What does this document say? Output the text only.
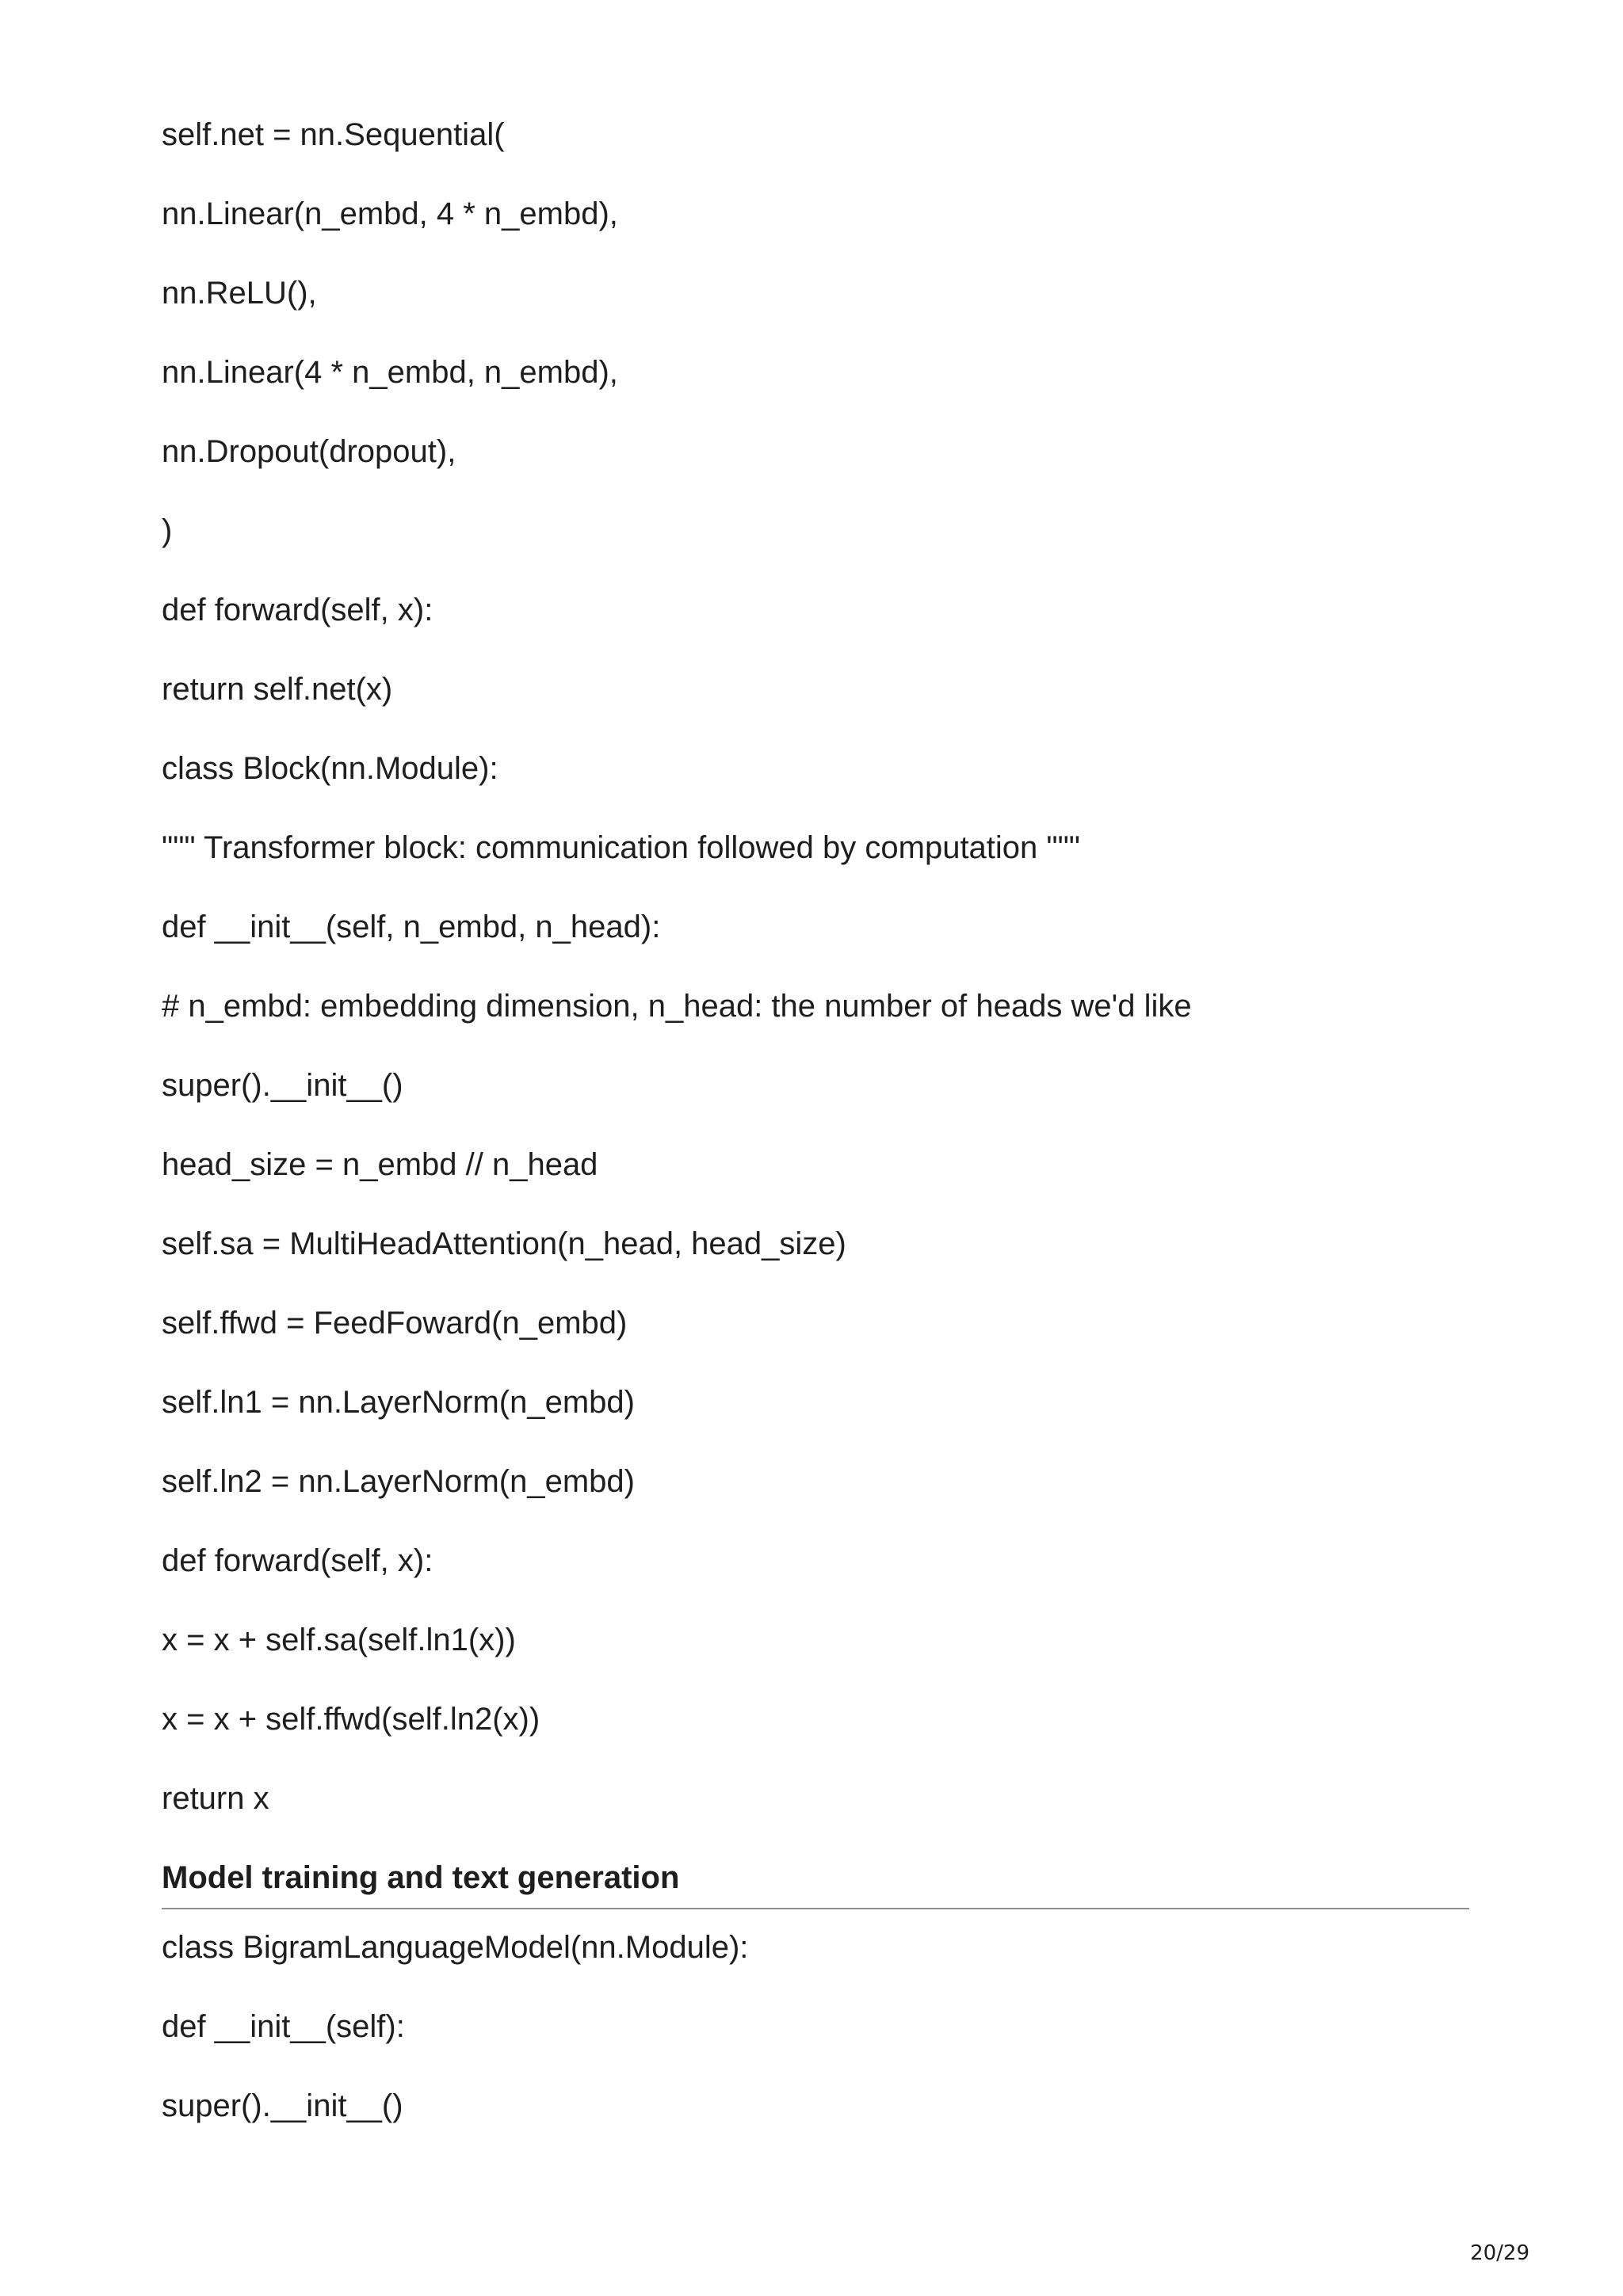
self.net = nn.Sequential(
nn.Linear(n_embd, 4 * n_embd),
nn.ReLU(),
nn.Linear(4 * n_embd, n_embd),
nn.Dropout(dropout),
)
def forward(self, x):
return self.net(x)
class Block(nn.Module):
""" Transformer block: communication followed by computation """
def __init__(self, n_embd, n_head):
# n_embd: embedding dimension, n_head: the number of heads we'd like
super().__init__()
head_size = n_embd // n_head
self.sa = MultiHeadAttention(n_head, head_size)
self.ffwd = FeedFoward(n_embd)
self.ln1 = nn.LayerNorm(n_embd)
self.ln2 = nn.LayerNorm(n_embd)
def forward(self, x):
x = x + self.sa(self.ln1(x))
x = x + self.ffwd(self.ln2(x))
return x
Model training and text generation
class BigramLanguageModel(nn.Module):
def __init__(self):
super().__init__()
20/29
